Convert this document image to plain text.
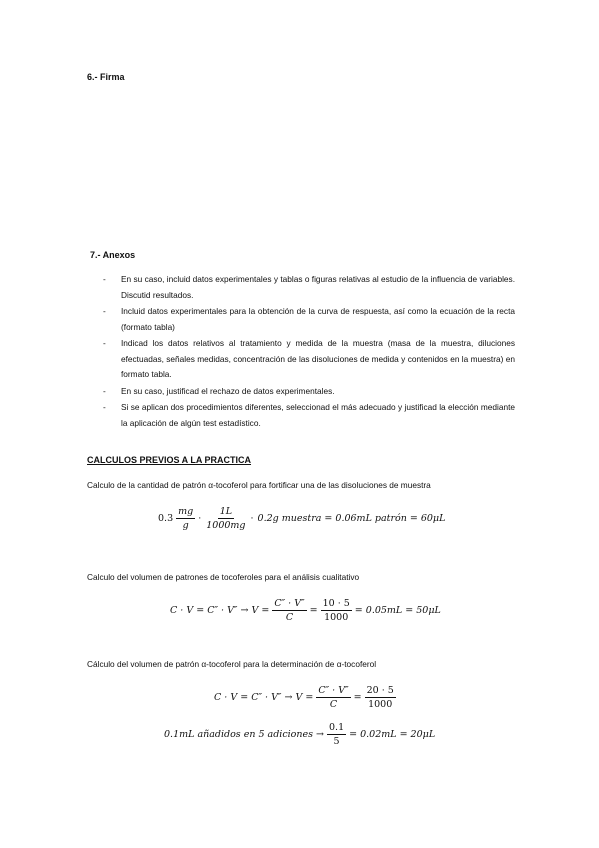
6.- Firma
7.- Anexos
- En su caso, incluid datos experimentales y tablas o figuras relativas al estudio de la influencia de variables. Discutid resultados.
- Incluid datos experimentales para la obtención de la curva de respuesta, así como la ecuación de la recta (formato tabla)
- Indicad los datos relativos al tratamiento y medida de la muestra (masa de la muestra, diluciones efectuadas, señales medidas, concentración de las disoluciones de medida y contenidos en la muestra) en formato tabla.
- En su caso, justificad el rechazo de datos experimentales.
- Si se aplican dos procedimientos diferentes, seleccionad el más adecuado y justificad la elección mediante la aplicación de algún test estadístico.
CALCULOS PREVIOS A LA PRACTICA
Calculo de la cantidad de patrón α-tocoferol para fortificar una de las disoluciones de muestra
$0.3 \frac{mg}{g} \cdot \frac{1L}{1000mg} \cdot 0.2g$ muestra = 0.06mL patrón = 60μL
Calculo del volumen de patrones de tocoferoles para el análisis cualitativo
$C \cdot V = C'' \cdot V'' \to V = \frac{C'' \cdot V''}{C} = \frac{10 \cdot 5}{1000} = 0.05mL = 50\mu L$
Cálculo del volumen de patrón α-tocoferol para la determinación de α-tocoferol
$C \cdot V = C'' \cdot V'' \to V = \frac{C'' \cdot V''}{C} = \frac{20 \cdot 5}{1000}$
0.1mL añadidos en 5 adiciones → $\frac{0.1}{5} = 0.02mL = 20\mu L$
